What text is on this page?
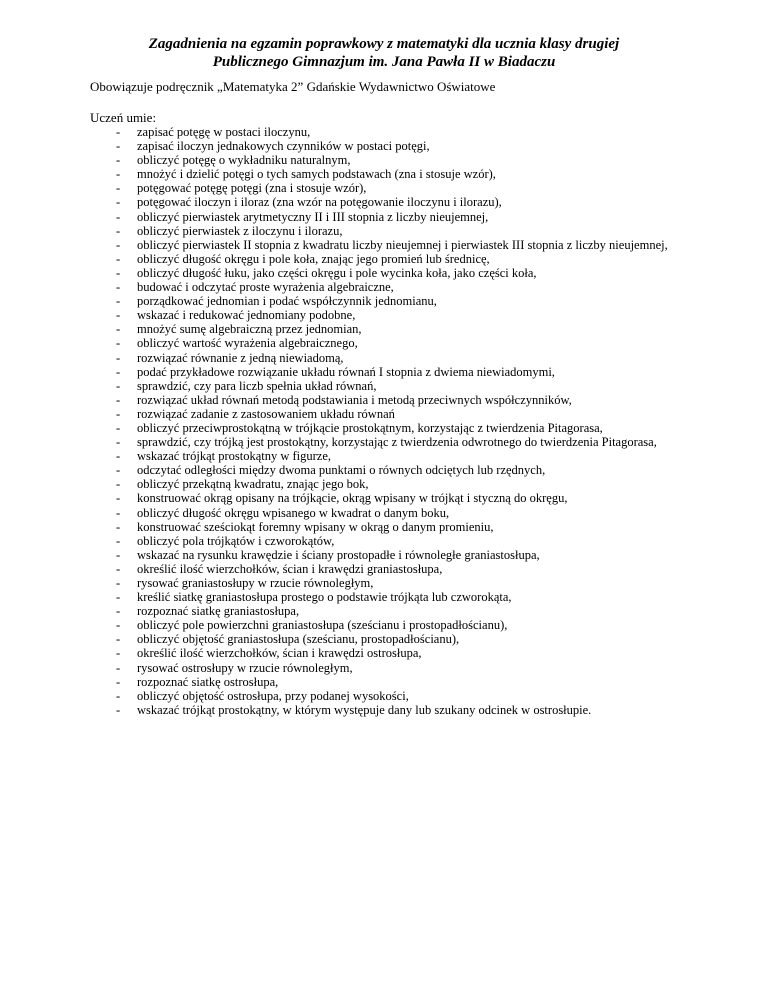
Zagadnienia na egzamin poprawkowy z matematyki dla ucznia klasy drugiej
Publicznego Gimnazjum im. Jana Pawła II w Biadaczu
Obowiązuje podręcznik „Matematyka 2” Gdańskie Wydawnictwo Oświatowe
Uczeń umie:
- zapisać potęgę w postaci iloczynu,
- zapisać iloczyn jednakowych czynników w postaci potęgi,
- obliczyć potęgę o wykładniku naturalnym,
- mnożyć i dzielić potęgi o tych samych podstawach (zna i stosuje wzór),
- potęgować potęgę potęgi (zna i stosuje wzór),
- potęgować iloczyn i iloraz (zna wzór na potęgowanie iloczynu i ilorazu),
- obliczyć pierwiastek arytmetyczny II i III stopnia z liczby nieujemnej,
- obliczyć pierwiastek z iloczynu i ilorazu,
- obliczyć pierwiastek II stopnia z kwadratu liczby nieujemnej i pierwiastek III stopnia z liczby nieujemnej,
- obliczyć długość okręgu i pole koła, znając jego promień lub średnicę,
- obliczyć długość łuku, jako części okręgu i pole wycinka koła, jako części koła,
- budować i odczytać proste wyrażenia algebraiczne,
- porządkować jednomian i podać współczynnik jednomianu,
- wskazać i redukować jednomiany podobne,
- mnożyć sumę algebraiczną przez jednomian,
- obliczyć wartość wyrażenia algebraicznego,
- rozwiązać równanie z jedną niewiadomą,
- podać przykładowe rozwiązanie układu równań I stopnia z dwiema niewiadomymi,
- sprawdzić, czy para liczb spełnia układ równań,
- rozwiązać układ równań metodą podstawiania i metodą przeciwnych współczynników,
- rozwiązać zadanie z zastosowaniem układu równań
- obliczyć przeciwprostokątną w trójkącie prostokątnym, korzystając z twierdzenia Pitagorasa,
- sprawdzić, czy trójką jest prostokątny, korzystając z twierdzenia odwrotnego do twierdzenia Pitagorasa,
- wskazać trójkąt prostokątny w figurze,
- odczytać odległości między dwoma punktami o równych odciętych lub rzędnych,
- obliczyć przekątną kwadratu, znając jego bok,
- konstruować okrąg opisany na trójkącie, okrąg wpisany w trójkąt i styczną do okręgu,
- obliczyć długość okręgu wpisanego w kwadrat o danym boku,
- konstruować sześciokąt foremny wpisany w okrąg o danym promieniu,
- obliczyć pola trójkątów i czworokątów,
- wskazać na rysunku krawędzie i ściany prostopadłe i równoległe graniastosłupa,
- określić ilość wierzchołków, ścian i krawędzi graniastosłupa,
- rysować graniastosłupy w rzucie równoległym,
- kreślić siatkę graniastosłupa prostego o podstawie trójkąta lub czworokąta,
- rozpoznać siatkę graniastosłupa,
- obliczyć pole powierzchni graniastosłupa (sześcianu i prostopadłościanu),
- obliczyć objętość graniastosłupa (sześcianu, prostopadłościanu),
- określić ilość wierzchołków, ścian i krawędzi ostrosłupa,
- rysować ostrosłupy w rzucie równoległym,
- rozpoznać siatkę ostrosłupa,
- obliczyć objętość ostrosłupa, przy podanej wysokości,
- wskazać trójkąt prostokątny, w którym występuje dany lub szukany odcinek w ostrosłupie.
